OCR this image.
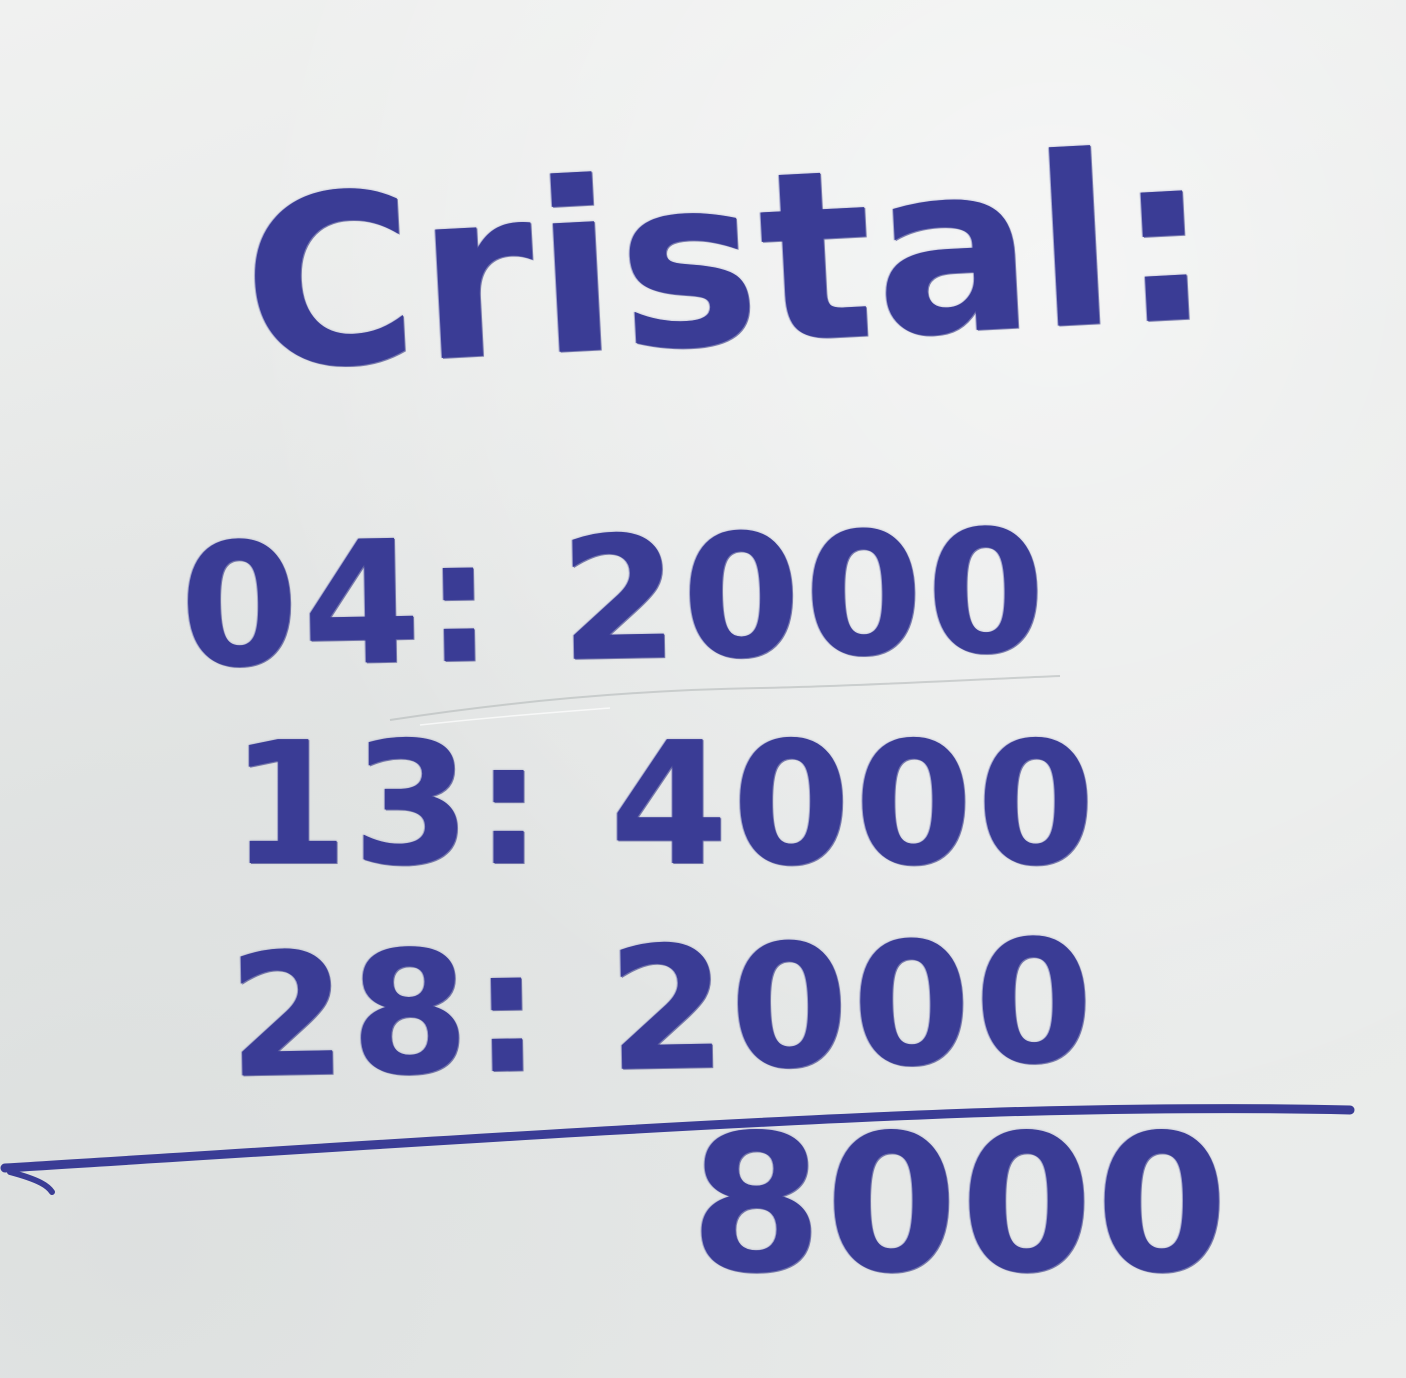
Cristal:
04: 2000
13: 4000
28: 2000
8000
